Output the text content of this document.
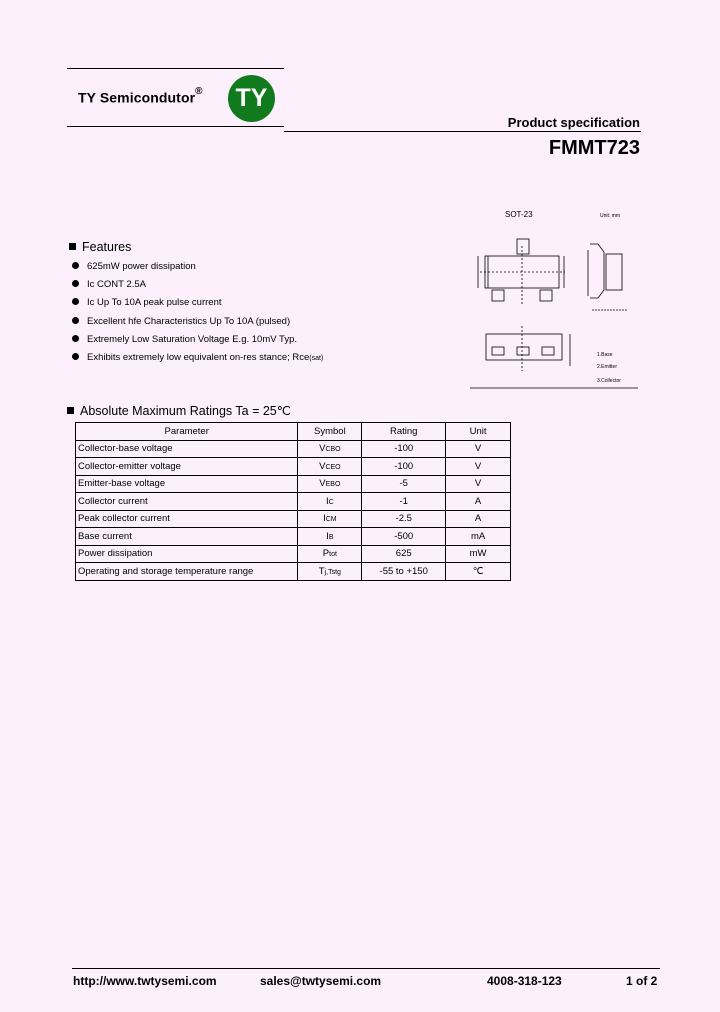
TY Semicondutor®	TY
Product specification
FMMT723
SOT-23	Unit: mm
1.Base
2.Emitter
3.Collector
Features
625mW power dissipation
Ic CONT 2.5A
Ic Up To 10A peak pulse current
Excellent hfe Characteristics Up To 10A (pulsed)
Extremely Low Saturation Voltage E.g. 10mV Typ.
Exhibits extremely low equivalent on-res stance; Rce(sat)
Absolute Maximum Ratings Ta = 25℃
Parameter	Symbol	Rating	Unit
Collector-base voltage	VCBO	-100	V
Collector-emitter voltage	VCEO	-100	V
Emitter-base voltage	VEBO	-5	V
Collector current	IC	-1	A
Peak collector current	ICM	-2.5	A
Base current	IB	-500	mA
Power dissipation	Ptot	625	mW
Operating and storage temperature range	Tj,Tstg	-55 to +150	℃
http://www.twtysemi.com	sales@twtysemi.com	4008-318-123	1 of 2
